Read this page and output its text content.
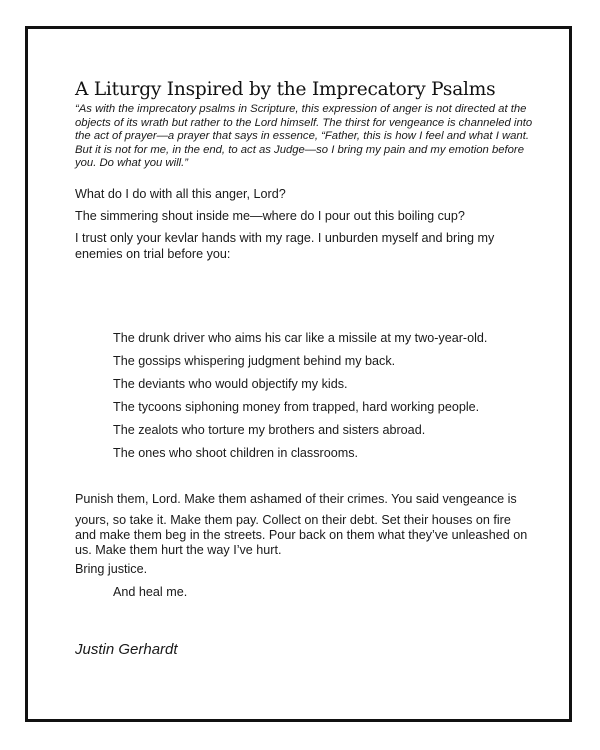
A Liturgy Inspired by the Imprecatory Psalms

“As with the imprecatory psalms in Scripture, this expression of anger is not directed at the objects of its wrath but rather to the Lord himself. The thirst for vengeance is channeled into the act of prayer—a prayer that says in essence, “Father, this is how I feel and what I want. But it is not for me, in the end, to act as Judge—so I bring my pain and my emotion before you. Do what you will.”

What do I do with all this anger, Lord?

The simmering shout inside me—where do I pour out this boiling cup?

I trust only your kevlar hands with my rage. I unburden myself and bring my enemies on trial before you:

The drunk driver who aims his car like a missile at my two-year-old.
The gossips whispering judgment behind my back.
The deviants who would objectify my kids.
The tycoons siphoning money from trapped, hard working people.
The zealots who torture my brothers and sisters abroad.
The ones who shoot children in classrooms.

Punish them, Lord. Make them ashamed of their crimes. You said vengeance is
yours, so take it. Make them pay. Collect on their debt. Set their houses on fire and make them beg in the streets. Pour back on them what they’ve unleashed on us. Make them hurt the way I’ve hurt.

Bring justice.

And heal me.

Justin Gerhardt
